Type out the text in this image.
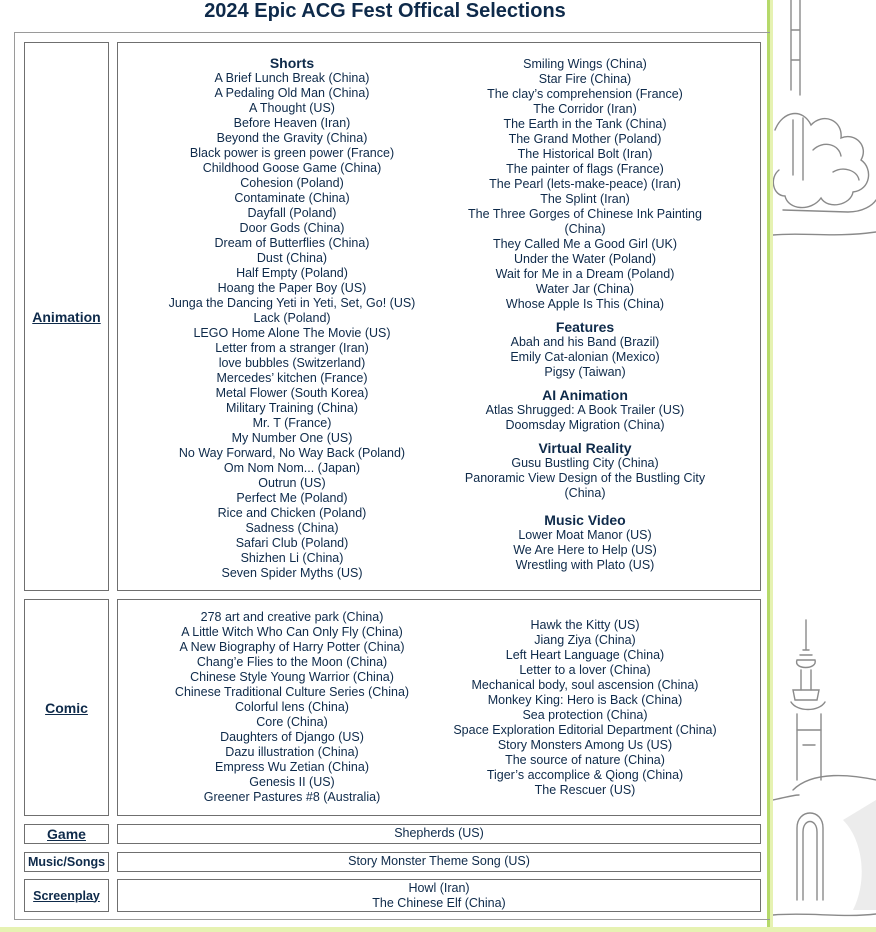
2024 Epic ACG Fest Offical Selections
Animation
Shorts
A Brief Lunch Break (China)
A Pedaling Old Man (China)
A Thought (US)
Before Heaven (Iran)
Beyond the Gravity (China)
Black power is green power (France)
Childhood Goose Game (China)
Cohesion (Poland)
Contaminate (China)
Dayfall (Poland)
Door Gods (China)
Dream of Butterflies (China)
Dust (China)
Half Empty (Poland)
Hoang the Paper Boy (US)
Junga the Dancing Yeti in Yeti, Set, Go! (US)
Lack (Poland)
LEGO Home Alone The Movie (US)
Letter from a stranger (Iran)
love bubbles (Switzerland)
Mercedes’ kitchen (France)
Metal Flower (South Korea)
Military Training (China)
Mr. T (France)
My Number One (US)
No Way Forward, No Way Back (Poland)
Om Nom Nom... (Japan)
Outrun (US)
Perfect Me (Poland)
Rice and Chicken (Poland)
Sadness (China)
Safari Club (Poland)
Shizhen Li (China)
Seven Spider Myths (US)
Smiling Wings (China)
Star Fire (China)
The clay’s comprehension (France)
The Corridor (Iran)
The Earth in the Tank (China)
The Grand Mother (Poland)
The Historical Bolt (Iran)
The painter of flags (France)
The Pearl (lets-make-peace) (Iran)
The Splint (Iran)
The Three Gorges of Chinese Ink Painting (China)
They Called Me a Good Girl (UK)
Under the Water (Poland)
Wait for Me in a Dream (Poland)
Water Jar (China)
Whose Apple Is This (China)
Features
Abah and his Band (Brazil)
Emily Cat-alonian (Mexico)
Pigsy (Taiwan)
AI Animation
Atlas Shrugged: A Book Trailer (US)
Doomsday Migration (China)
Virtual Reality
Gusu Bustling City (China)
Panoramic View Design of the Bustling City (China)
Music Video
Lower Moat Manor (US)
We Are Here to Help (US)
Wrestling with Plato (US)
Comic
278 art and creative park (China)
A Little Witch Who Can Only Fly (China)
A New Biography of Harry Potter (China)
Chang’e Flies to the Moon (China)
Chinese Style Young Warrior (China)
Chinese Traditional Culture Series (China)
Colorful lens (China)
Core (China)
Daughters of Django (US)
Dazu illustration (China)
Empress Wu Zetian (China)
Genesis II (US)
Greener Pastures #8 (Australia)
Hawk the Kitty (US)
Jiang Ziya (China)
Left Heart Language (China)
Letter to a lover (China)
Mechanical body, soul ascension (China)
Monkey King: Hero is Back (China)
Sea protection (China)
Space Exploration Editorial Department (China)
Story Monsters Among Us (US)
The source of nature (China)
Tiger’s accomplice & Qiong (China)
The Rescuer (US)
Game	Shepherds (US)
Music/Songs	Story Monster Theme Song (US)
Screenplay
Howl (Iran)
The Chinese Elf (China)
